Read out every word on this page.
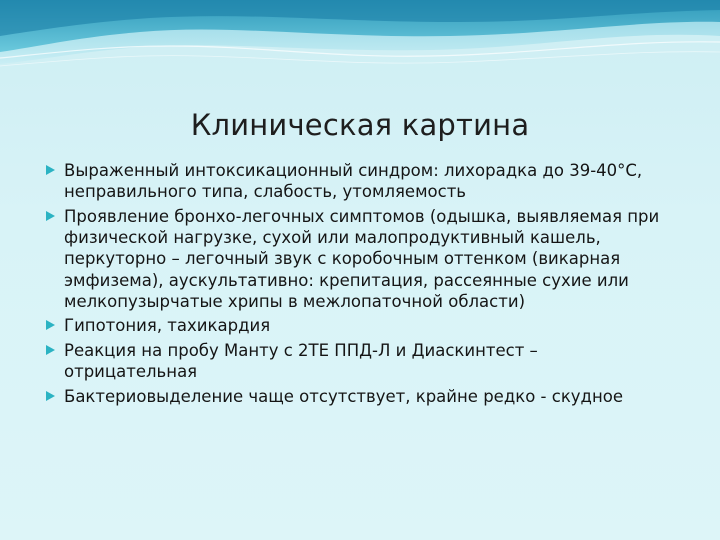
Клиническая картина
Выраженный интоксикационный синдром: лихорадка до 39-40°С, неправильного типа, слабость, утомляемость
Проявление бронхо-легочных симптомов (одышка, выявляемая при физической нагрузке, сухой или малопродуктивный кашель, перкуторно – легочный звук с коробочным оттенком (викарная эмфизема), аускультативно: крепитация, рассеянные сухие или мелкопузырчатые хрипы в межлопаточной области)
Гипотония, тахикардия
Реакция на пробу Манту с 2ТЕ ППД-Л и Диаскинтест – отрицательная
Бактериовыделение чаще отсутствует, крайне редко - скудное
